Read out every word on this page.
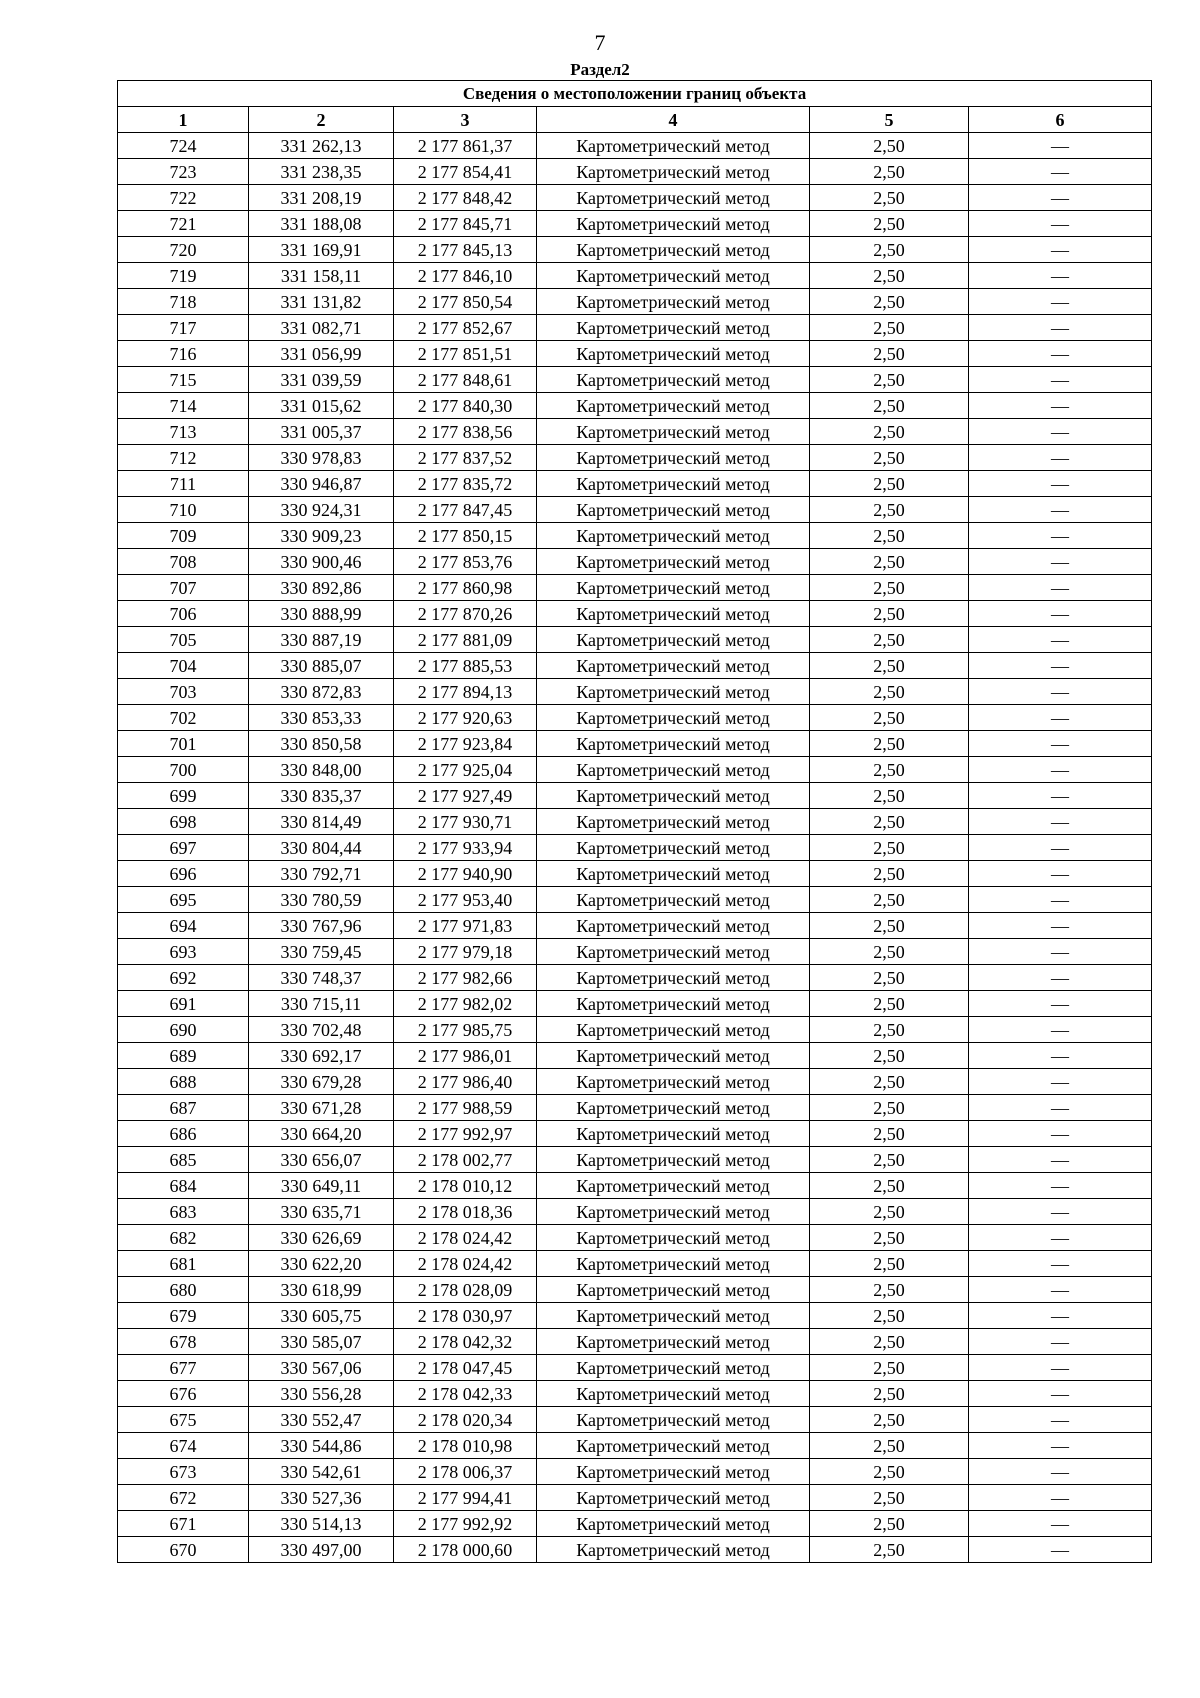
7
Раздел2
Сведения о местоположении границ объекта					
1	2	3	4	5	6
724	331 262,13	2 177 861,37	Картометрический метод	2,50	—
723	331 238,35	2 177 854,41	Картометрический метод	2,50	—
722	331 208,19	2 177 848,42	Картометрический метод	2,50	—
721	331 188,08	2 177 845,71	Картометрический метод	2,50	—
720	331 169,91	2 177 845,13	Картометрический метод	2,50	—
719	331 158,11	2 177 846,10	Картометрический метод	2,50	—
718	331 131,82	2 177 850,54	Картометрический метод	2,50	—
717	331 082,71	2 177 852,67	Картометрический метод	2,50	—
716	331 056,99	2 177 851,51	Картометрический метод	2,50	—
715	331 039,59	2 177 848,61	Картометрический метод	2,50	—
714	331 015,62	2 177 840,30	Картометрический метод	2,50	—
713	331 005,37	2 177 838,56	Картометрический метод	2,50	—
712	330 978,83	2 177 837,52	Картометрический метод	2,50	—
711	330 946,87	2 177 835,72	Картометрический метод	2,50	—
710	330 924,31	2 177 847,45	Картометрический метод	2,50	—
709	330 909,23	2 177 850,15	Картометрический метод	2,50	—
708	330 900,46	2 177 853,76	Картометрический метод	2,50	—
707	330 892,86	2 177 860,98	Картометрический метод	2,50	—
706	330 888,99	2 177 870,26	Картометрический метод	2,50	—
705	330 887,19	2 177 881,09	Картометрический метод	2,50	—
704	330 885,07	2 177 885,53	Картометрический метод	2,50	—
703	330 872,83	2 177 894,13	Картометрический метод	2,50	—
702	330 853,33	2 177 920,63	Картометрический метод	2,50	—
701	330 850,58	2 177 923,84	Картометрический метод	2,50	—
700	330 848,00	2 177 925,04	Картометрический метод	2,50	—
699	330 835,37	2 177 927,49	Картометрический метод	2,50	—
698	330 814,49	2 177 930,71	Картометрический метод	2,50	—
697	330 804,44	2 177 933,94	Картометрический метод	2,50	—
696	330 792,71	2 177 940,90	Картометрический метод	2,50	—
695	330 780,59	2 177 953,40	Картометрический метод	2,50	—
694	330 767,96	2 177 971,83	Картометрический метод	2,50	—
693	330 759,45	2 177 979,18	Картометрический метод	2,50	—
692	330 748,37	2 177 982,66	Картометрический метод	2,50	—
691	330 715,11	2 177 982,02	Картометрический метод	2,50	—
690	330 702,48	2 177 985,75	Картометрический метод	2,50	—
689	330 692,17	2 177 986,01	Картометрический метод	2,50	—
688	330 679,28	2 177 986,40	Картометрический метод	2,50	—
687	330 671,28	2 177 988,59	Картометрический метод	2,50	—
686	330 664,20	2 177 992,97	Картометрический метод	2,50	—
685	330 656,07	2 178 002,77	Картометрический метод	2,50	—
684	330 649,11	2 178 010,12	Картометрический метод	2,50	—
683	330 635,71	2 178 018,36	Картометрический метод	2,50	—
682	330 626,69	2 178 024,42	Картометрический метод	2,50	—
681	330 622,20	2 178 024,42	Картометрический метод	2,50	—
680	330 618,99	2 178 028,09	Картометрический метод	2,50	—
679	330 605,75	2 178 030,97	Картометрический метод	2,50	—
678	330 585,07	2 178 042,32	Картометрический метод	2,50	—
677	330 567,06	2 178 047,45	Картометрический метод	2,50	—
676	330 556,28	2 178 042,33	Картометрический метод	2,50	—
675	330 552,47	2 178 020,34	Картометрический метод	2,50	—
674	330 544,86	2 178 010,98	Картометрический метод	2,50	—
673	330 542,61	2 178 006,37	Картометрический метод	2,50	—
672	330 527,36	2 177 994,41	Картометрический метод	2,50	—
671	330 514,13	2 177 992,92	Картометрический метод	2,50	—
670	330 497,00	2 178 000,60	Картометрический метод	2,50	—
